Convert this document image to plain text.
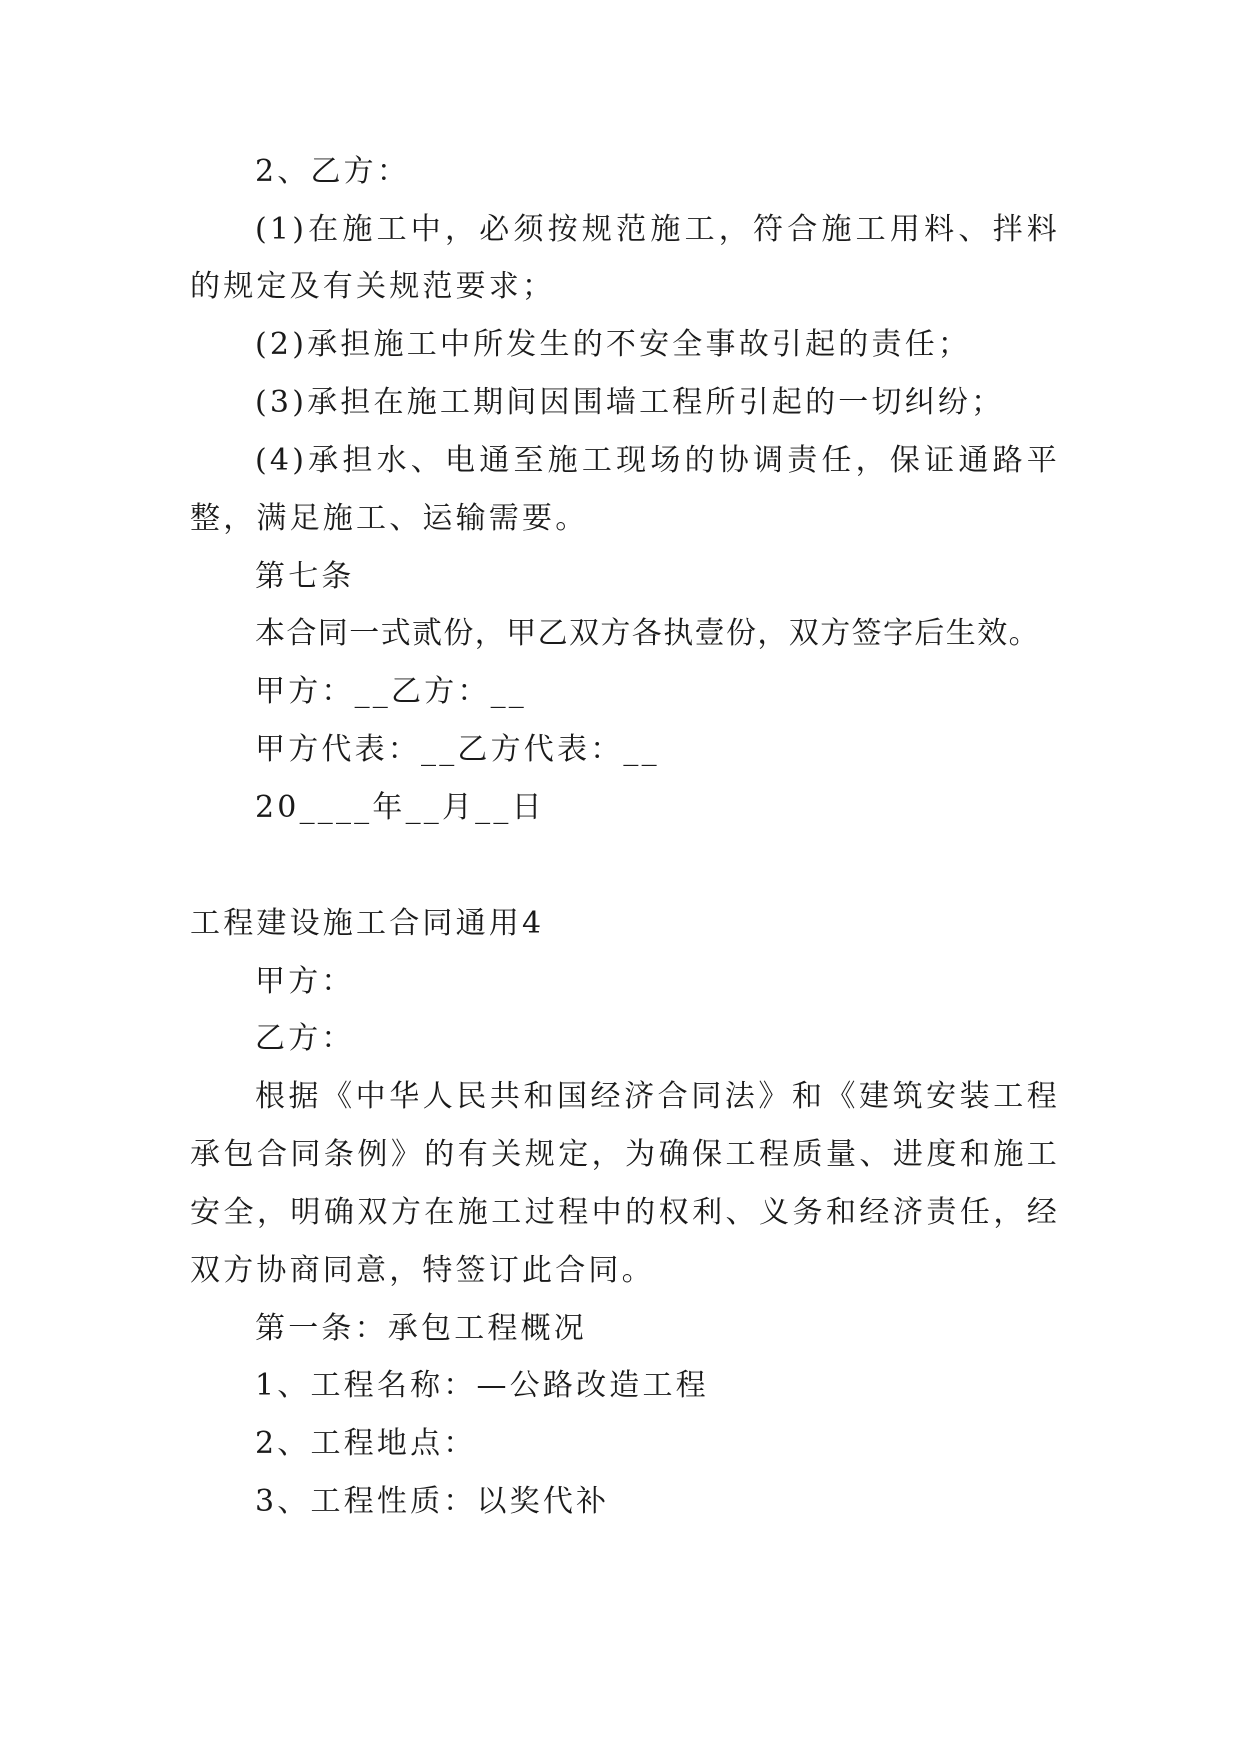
2、乙方：
(1)在施工中，必须按规范施工，符合施工用料、拌料
的规定及有关规范要求；
(2)承担施工中所发生的不安全事故引起的责任；
(3)承担在施工期间因围墙工程所引起的一切纠纷；
(4)承担水、电通至施工现场的协调责任，保证通路平
整，满足施工、运输需要。
第七条
本合同一式贰份，甲乙双方各执壹份，双方签字后生效。
甲方：__乙方：__
甲方代表：__乙方代表：__
20____年__月__日
工程建设施工合同通用4
甲方：
乙方：
根据《中华人民共和国经济合同法》和《建筑安装工程
承包合同条例》的有关规定，为确保工程质量、进度和施工
安全，明确双方在施工过程中的权利、义务和经济责任，经
双方协商同意，特签订此合同。
第一条：承包工程概况
1、工程名称：—公路改造工程
2、工程地点：
3、工程性质：以奖代补
